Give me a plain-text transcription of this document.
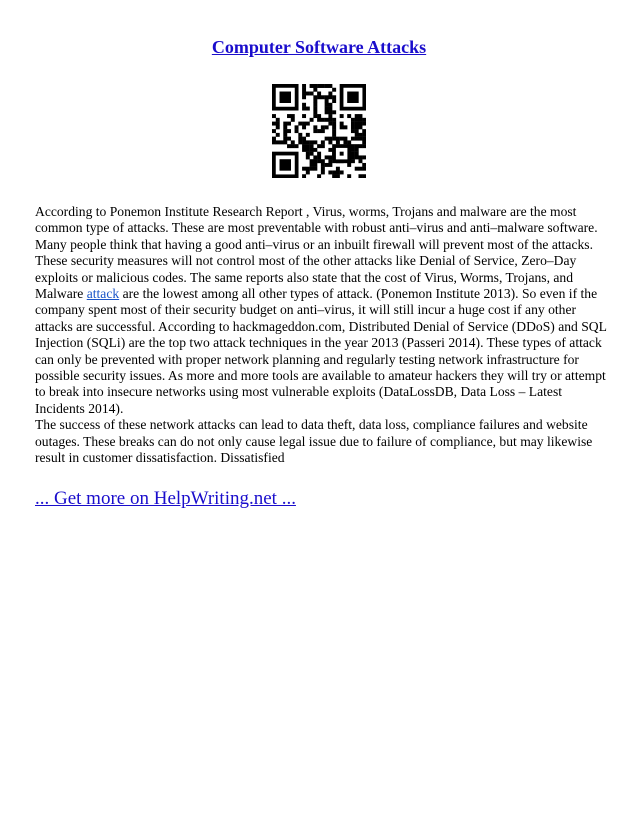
Computer Software Attacks

According to Ponemon Institute Research Report , Virus, worms, Trojans and malware are the most common type of attacks. These are most preventable with robust anti–virus and anti–malware software. Many people think that having a good anti–virus or an inbuilt firewall will prevent most of the attacks. These security measures will not control most of the other attacks like Denial of Service, Zero–Day exploits or malicious codes. The same reports also state that the cost of Virus, Worms, Trojans, and Malware attack are the lowest among all other types of attack. (Ponemon Institute 2013). So even if the company spent most of their security budget on anti–virus, it will still incur a huge cost if any other attacks are successful. According to hackmageddon.com, Distributed Denial of Service (DDoS) and SQL Injection (SQLi) are the top two attack techniques in the year 2013 (Passeri 2014). These types of attack can only be prevented with proper network planning and regularly testing network infrastructure for possible security issues. As more and more tools are available to amateur hackers they will try or attempt to break into insecure networks using most vulnerable exploits (DataLossDB, Data Loss – Latest Incidents 2014).

The success of these network attacks can lead to data theft, data loss, compliance failures and website outages. These breaks can do not only cause legal issue due to failure of compliance, but may likewise result in customer dissatisfaction. Dissatisfied

... Get more on HelpWriting.net ...
